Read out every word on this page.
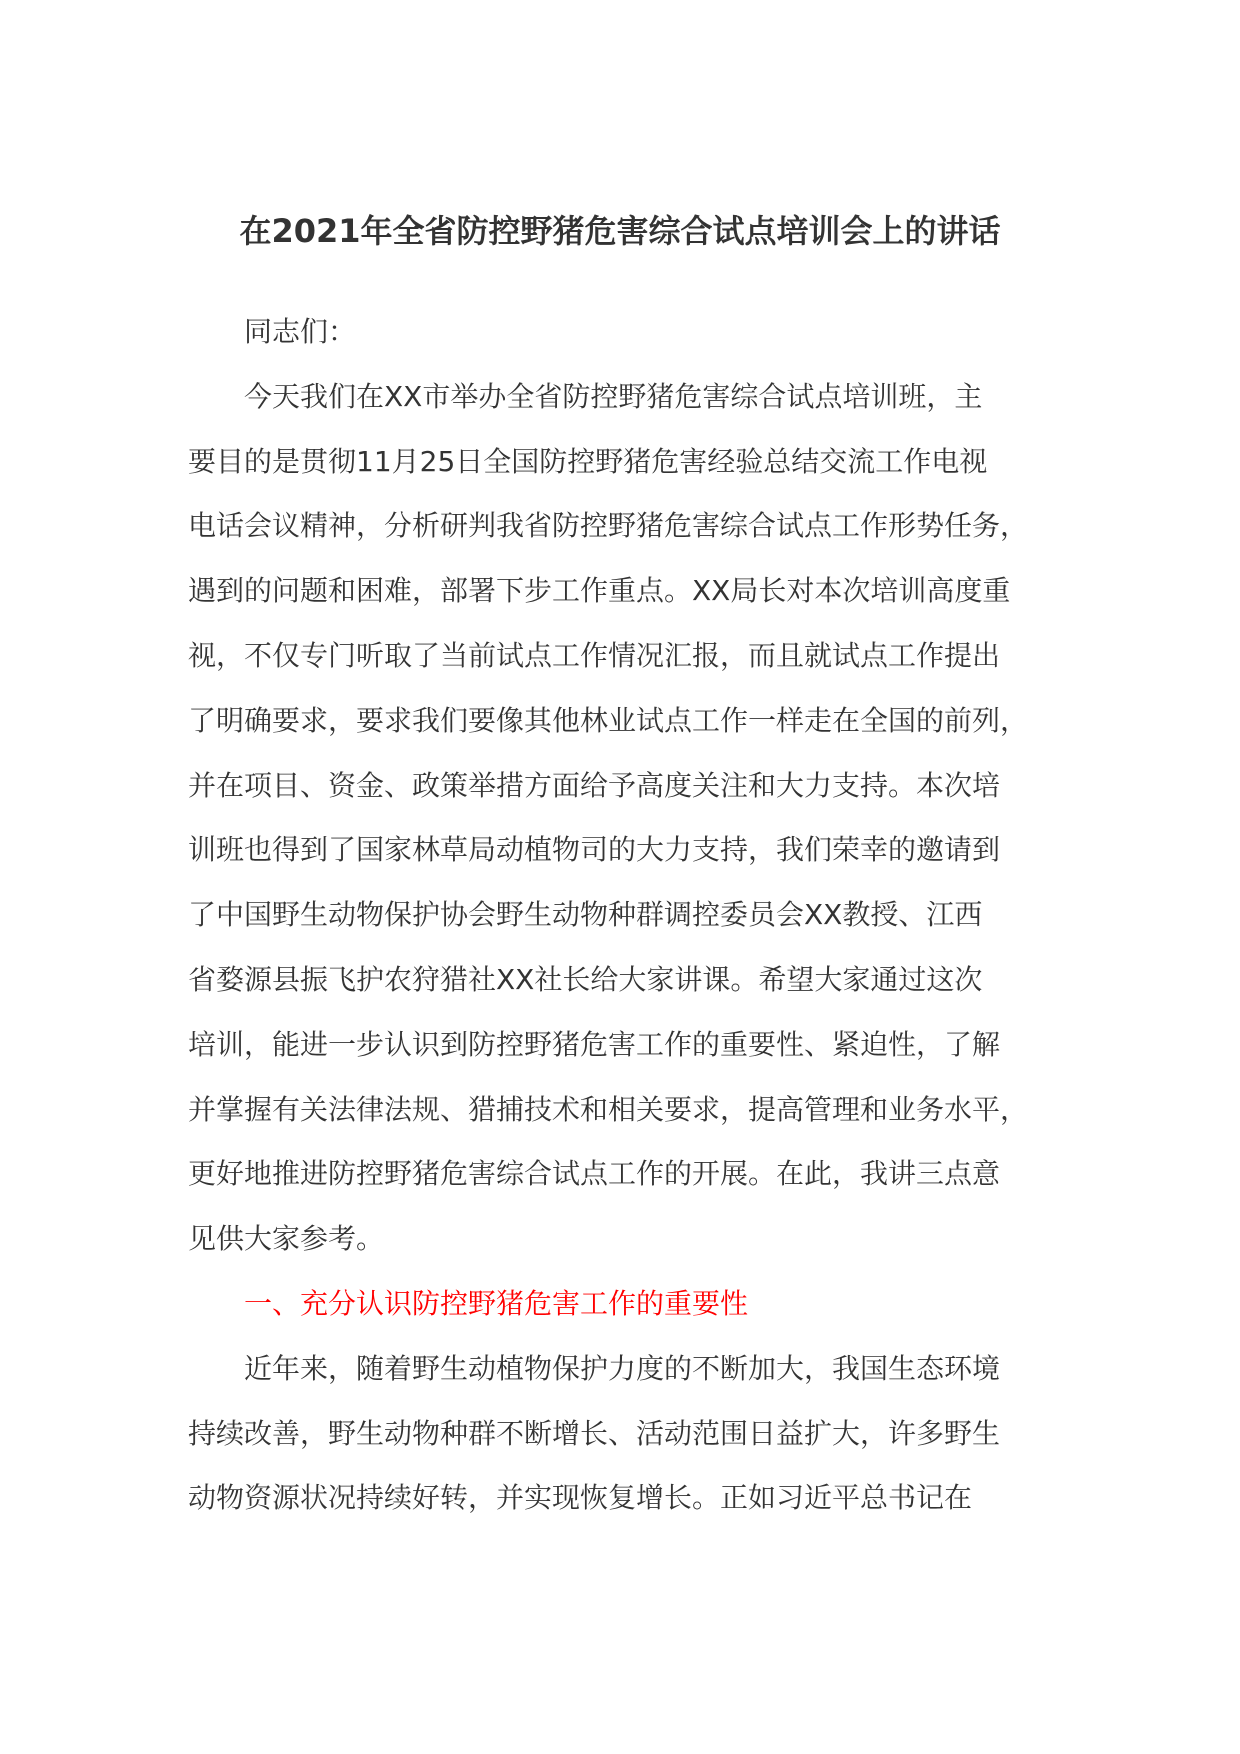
在2021年全省防控野猪危害综合试点培训会上的讲话

同志们：

今天我们在XX市举办全省防控野猪危害综合试点培训班，主
要目的是贯彻11月25日全国防控野猪危害经验总结交流工作电视
电话会议精神，分析研判我省防控野猪危害综合试点工作形势任务，
遇到的问题和困难，部署下步工作重点。XX局长对本次培训高度重
视，不仅专门听取了当前试点工作情况汇报，而且就试点工作提出
了明确要求，要求我们要像其他林业试点工作一样走在全国的前列，
并在项目、资金、政策举措方面给予高度关注和大力支持。本次培
训班也得到了国家林草局动植物司的大力支持，我们荣幸的邀请到
了中国野生动物保护协会野生动物种群调控委员会XX教授、江西
省婺源县振飞护农狩猎社XX社长给大家讲课。希望大家通过这次
培训，能进一步认识到防控野猪危害工作的重要性、紧迫性，了解
并掌握有关法律法规、猎捕技术和相关要求，提高管理和业务水平，
更好地推进防控野猪危害综合试点工作的开展。在此，我讲三点意
见供大家参考。

一、充分认识防控野猪危害工作的重要性

近年来，随着野生动植物保护力度的不断加大，我国生态环境
持续改善，野生动物种群不断增长、活动范围日益扩大，许多野生
动物资源状况持续好转，并实现恢复增长。正如习近平总书记在
